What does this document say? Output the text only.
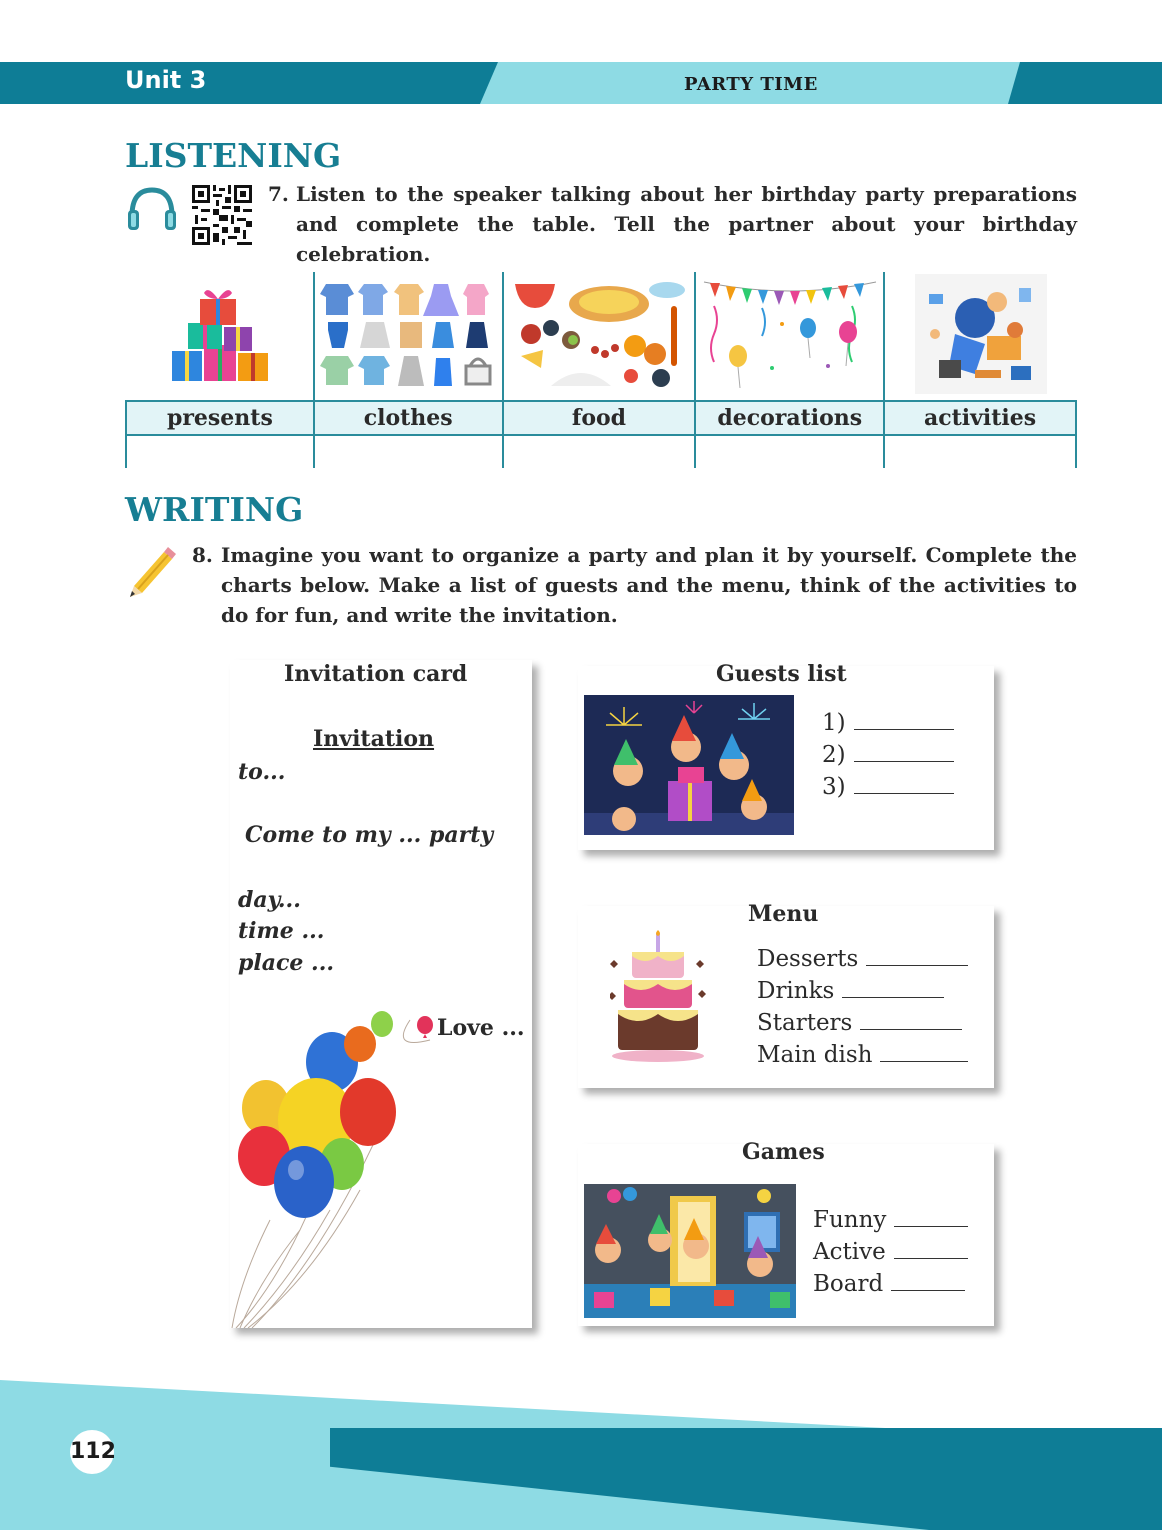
Unit 3	PARTY TIME
LISTENING
7. Listen to the speaker talking about her birthday party preparations and complete the table. Tell the partner about your birthday celebration.

presents	clothes	food	decorations	activities

WRITING
8. Imagine you want to organize a party and plan it by yourself. Complete the charts below. Make a list of guests and the menu, think of the activities to do for fun, and write the invitation.
Invitation card
Invitation
to...
Come to my ... party
day...
time ...
place ...
Love ...
Guests list
1)
2)
3)
Menu
Desserts
Drinks
Starters
Main dish
Games
Funny
Active
Board
112
